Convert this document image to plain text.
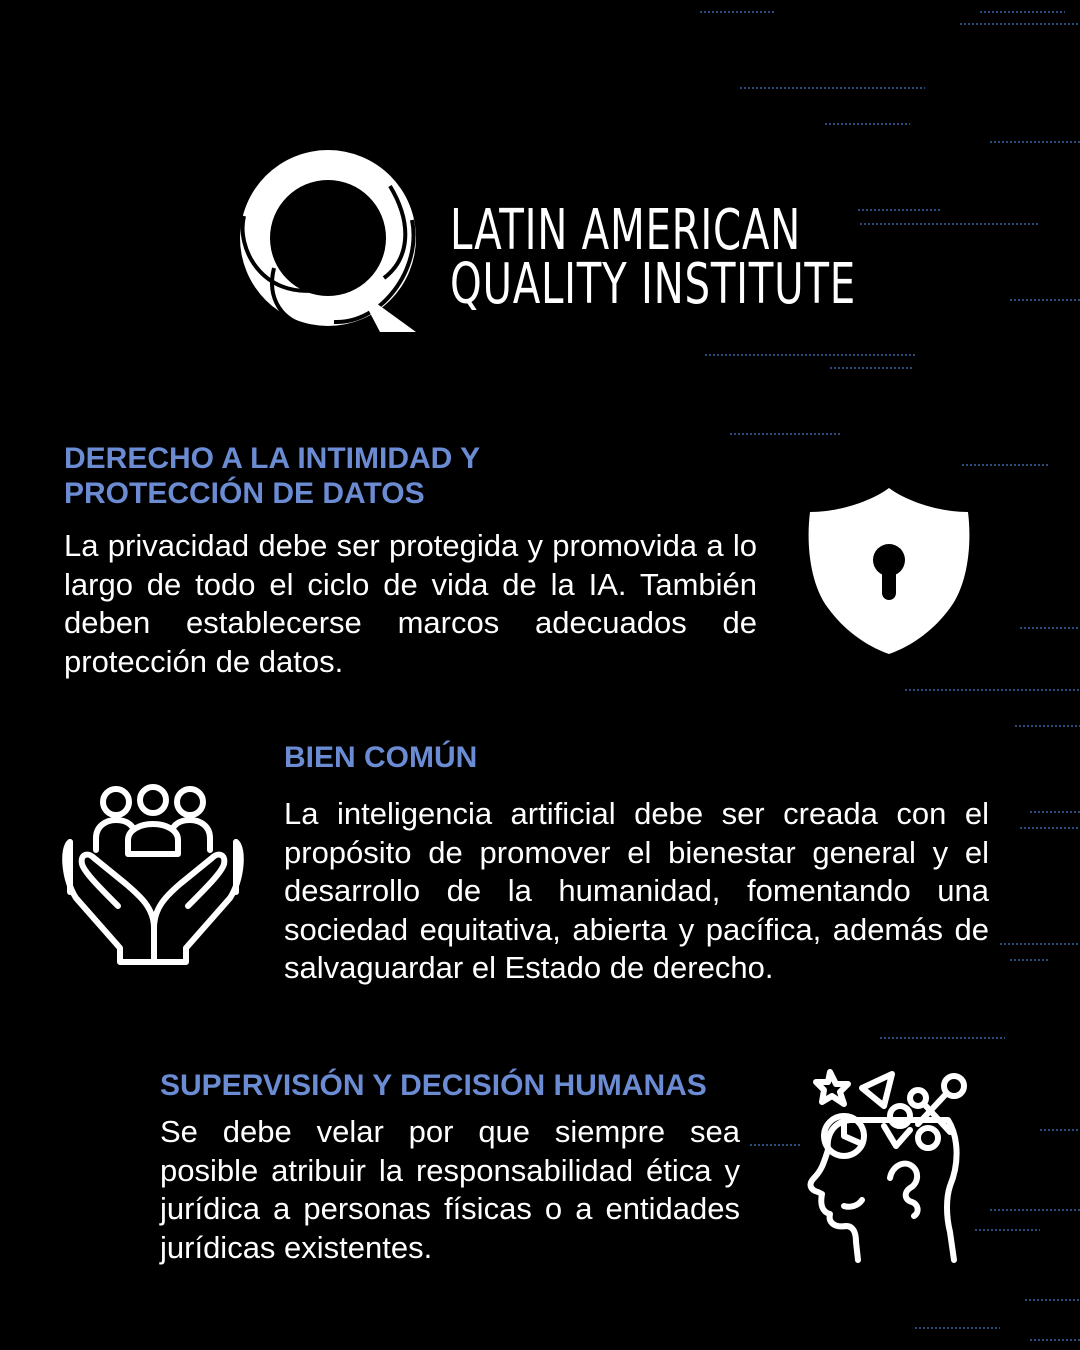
LATIN AMERICAN
QUALITY INSTITUTE
DERECHO A LA INTIMIDAD Y PROTECCIÓN DE DATOS

La privacidad debe ser protegida y promovida a lo largo de todo el ciclo de vida de la IA. También deben establecerse marcos adecuados de protección de datos.

BIEN COMÚN

La inteligencia artificial debe ser creada con el propósito de promover el bienestar general y el desarrollo de la humanidad, fomentando una sociedad equitativa, abierta y pacífica, además de salvaguardar el Estado de derecho.

SUPERVISIÓN Y DECISIÓN HUMANAS

Se debe velar por que siempre sea posible atribuir la responsabilidad ética y jurídica a personas físicas o a entidades jurídicas existentes.
